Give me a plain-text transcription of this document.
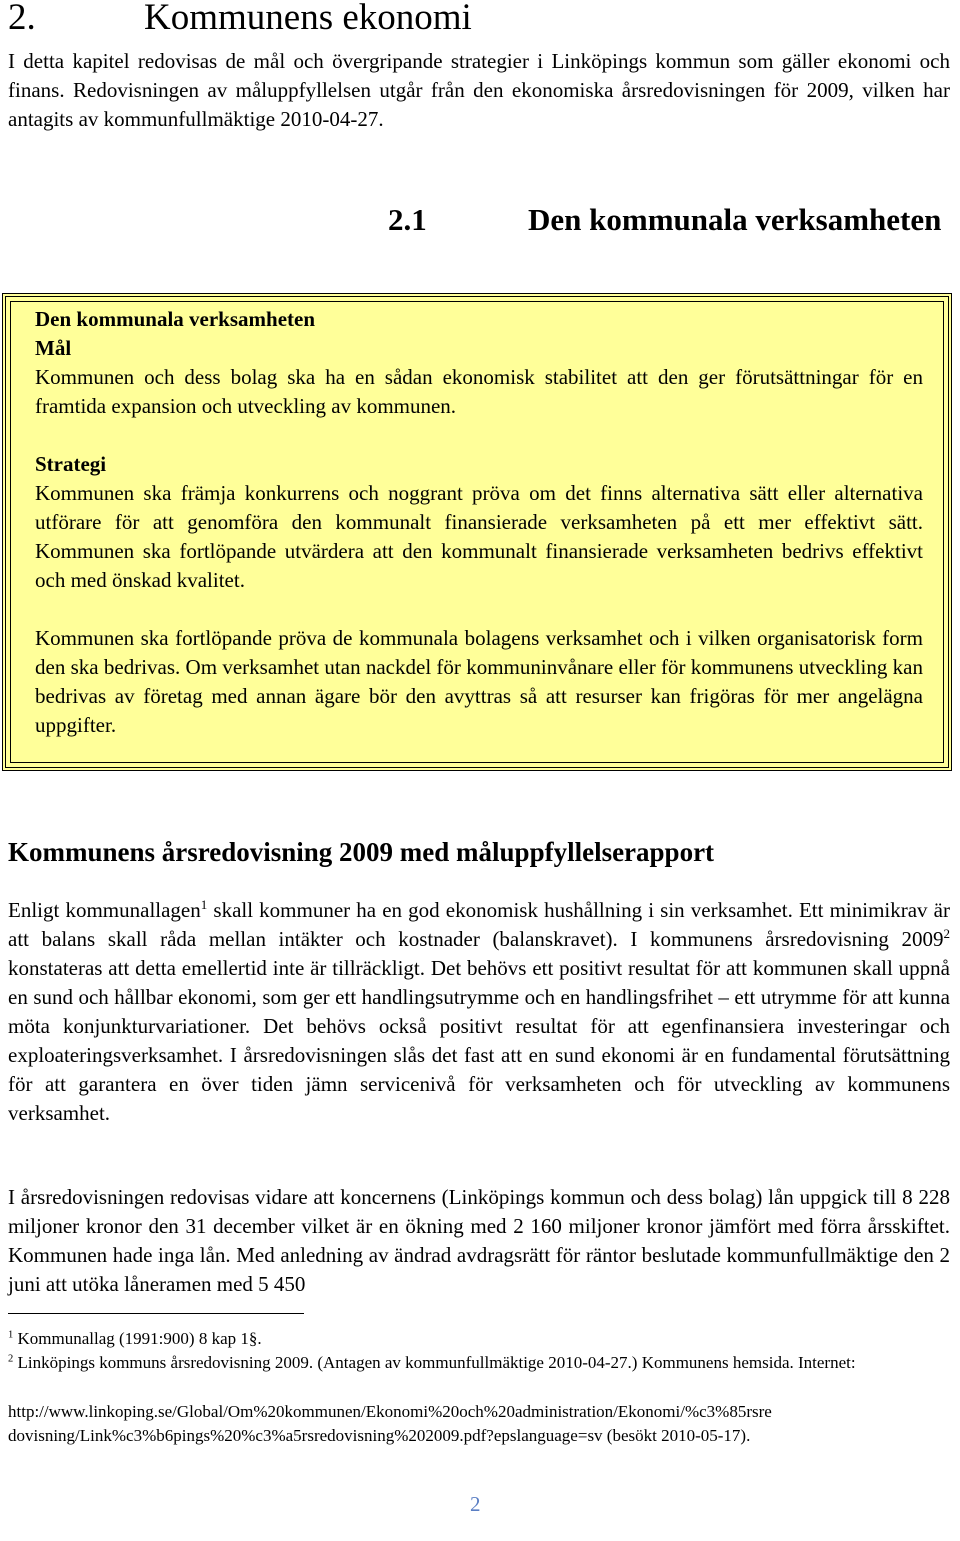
2.	Kommunens ekonomi
I detta kapitel redovisas de mål och övergripande strategier i Linköpings kommun som gäller ekonomi och finans. Redovisningen av måluppfyllelsen utgår från den ekonomiska årsredovisningen för 2009, vilken har antagits av kommunfullmäktige 2010-04-27.
2.1	Den kommunala verksamheten
Den kommunala verksamheten
Mål

Kommunen och dess bolag ska ha en sådan ekonomisk stabilitet att den ger förutsättningar för en framtida expansion och utveckling av kommunen.

Strategi

Kommunen ska främja konkurrens och noggrant pröva om det finns alternativa sätt eller alternativa utförare för att genomföra den kommunalt finansierade verksamheten på ett mer effektivt sätt. Kommunen ska fortlöpande utvärdera att den kommunalt finansierade verksamheten bedrivs effektivt och med önskad kvalitet.

Kommunen ska fortlöpande pröva de kommunala bolagens verksamhet och i vilken organisatorisk form den ska bedrivas. Om verksamhet utan nackdel för kommuninvånare eller för kommunens utveckling kan bedrivas av företag med annan ägare bör den avyttras så att resurser kan frigöras för mer angelägna uppgifter.

Kommunens årsredovisning 2009 med måluppfyllelserapport
Enligt kommunallagen$^1$ skall kommuner ha en god ekonomisk hushållning i sin verksamhet. Ett minimikrav är att balans skall råda mellan intäkter och kostnader (balanskravet). I kommunens årsredovisning 2009$^2$ konstateras att detta emellertid inte är tillräckligt. Det behövs ett positivt resultat för att kommunen skall uppnå en sund och hållbar ekonomi, som ger ett handlingsutrymme och en handlingsfrihet – ett utrymme för att kunna möta konjunkturvariationer. Det behövs också positivt resultat för att egenfinansiera investeringar och exploateringsverksamhet. I årsredovisningen slås det fast att en sund ekonomi är en fundamental förutsättning för att garantera en över tiden jämn servicenivå för verksamheten och för utveckling av kommunens verksamhet.
I årsredovisningen redovisas vidare att koncernens (Linköpings kommun och dess bolag) lån uppgick till 8 228 miljoner kronor den 31 december vilket är en ökning med 2 160 miljoner kronor jämfört med förra årsskiftet. Kommunen hade inga lån. Med anledning av ändrad avdragsrätt för räntor beslutade kommunfullmäktige den 2 juni att utöka låneramen med 5 450
$^1$ Kommunallag (1991:900) 8 kap 1§.
$^2$ Linköpings kommuns årsredovisning 2009. (Antagen av kommunfullmäktige 2010-04-27.) Kommunens hemsida. Internet:
http://www.linkoping.se/Global/Om%20kommunen/Ekonomi%20och%20administration/Ekonomi/%c3%85rsre
dovisning/Link%c3%b6pings%20%c3%a5rsredovisning%202009.pdf?epslanguage=sv (besökt 2010-05-17).
2
